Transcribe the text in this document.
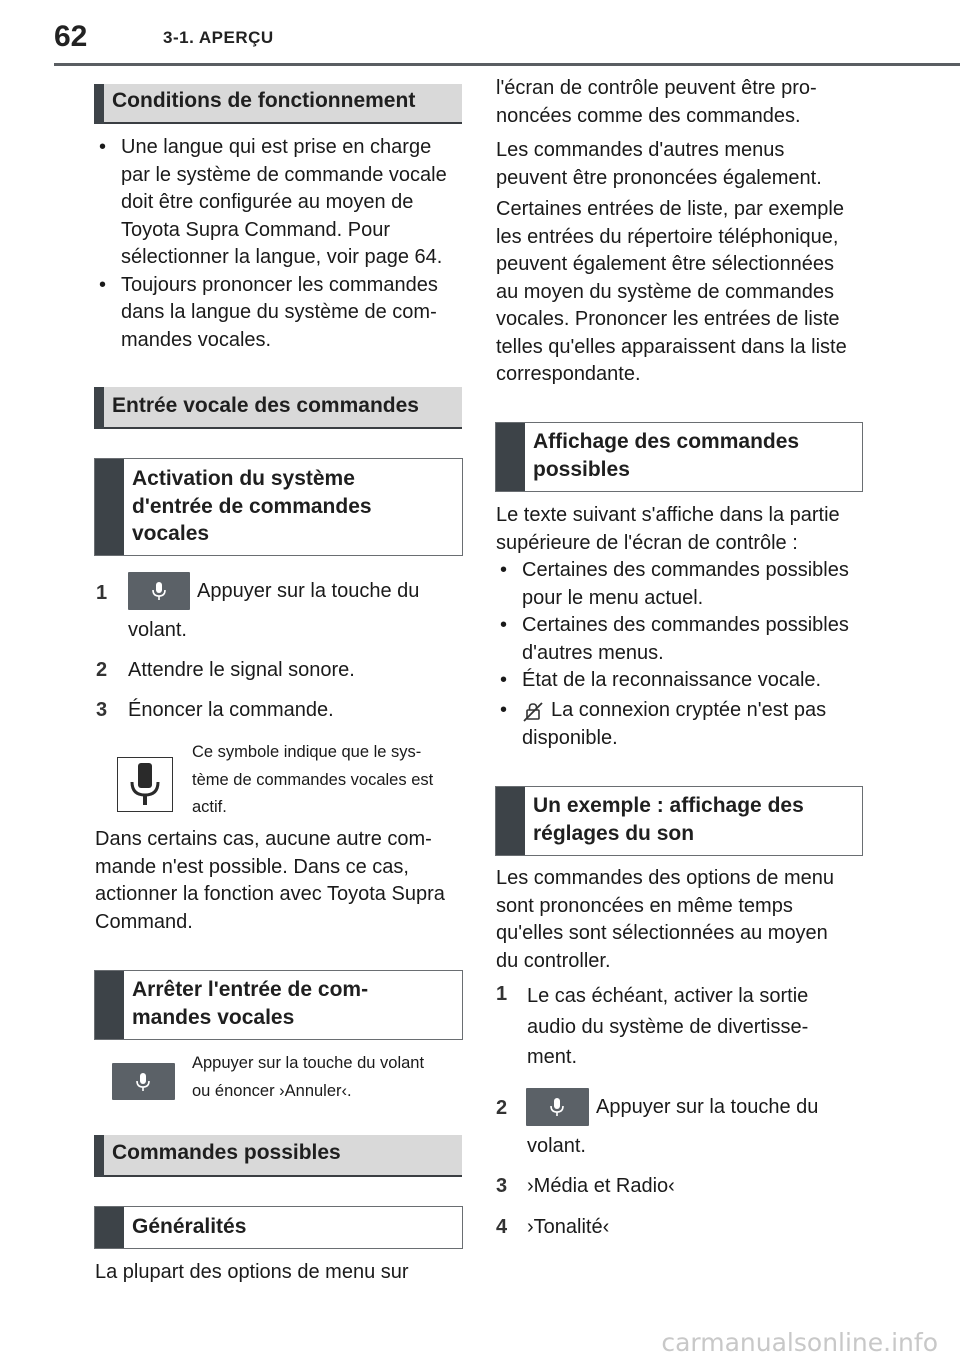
62	3-1. APERÇU
Conditions de fonctionnement
• Une langue qui est prise en charge
par le système de commande vocale
doit être configurée au moyen de
Toyota Supra Command. Pour
sélectionner la langue, voir page 64.
• Toujours prononcer les commandes
dans la langue du système de com-
mandes vocales.
Entrée vocale des commandes
Activation du système
d'entrée de commandes
vocales
1	Appuyer sur la touche du
volant.
2 Attendre le signal sonore.
3 Énoncer la commande.
Ce symbole indique que le sys-
tème de commandes vocales est
actif.
Dans certains cas, aucune autre com-
mande n'est possible. Dans ce cas,
actionner la fonction avec Toyota Supra
Command.
Arrêter l'entrée de com-
mandes vocales
Appuyer sur la touche du volant
ou énoncer ›Annuler‹.
Commandes possibles
Généralités
La plupart des options de menu sur
l'écran de contrôle peuvent être pro-
noncées comme des commandes.
Les commandes d'autres menus
peuvent être prononcées également.
Certaines entrées de liste, par exemple
les entrées du répertoire téléphonique,
peuvent également être sélectionnées
au moyen du système de commandes
vocales. Prononcer les entrées de liste
telles qu'elles apparaissent dans la liste
correspondante.
Affichage des commandes
possibles
Le texte suivant s'affiche dans la partie
supérieure de l'écran de contrôle :
• Certaines des commandes possibles
pour le menu actuel.
• Certaines des commandes possibles
d'autres menus.
• État de la reconnaissance vocale.
•	La connexion cryptée n'est pas
disponible.
Un exemple : affichage des
réglages du son
Les commandes des options de menu
sont prononcées en même temps
qu'elles sont sélectionnées au moyen
du controller.
1 Le cas échéant, activer la sortie
audio du système de divertisse-
ment.
2	Appuyer sur la touche du
volant.
3 ›Média et Radio‹
4 ›Tonalité‹
carmanualsonline.info
